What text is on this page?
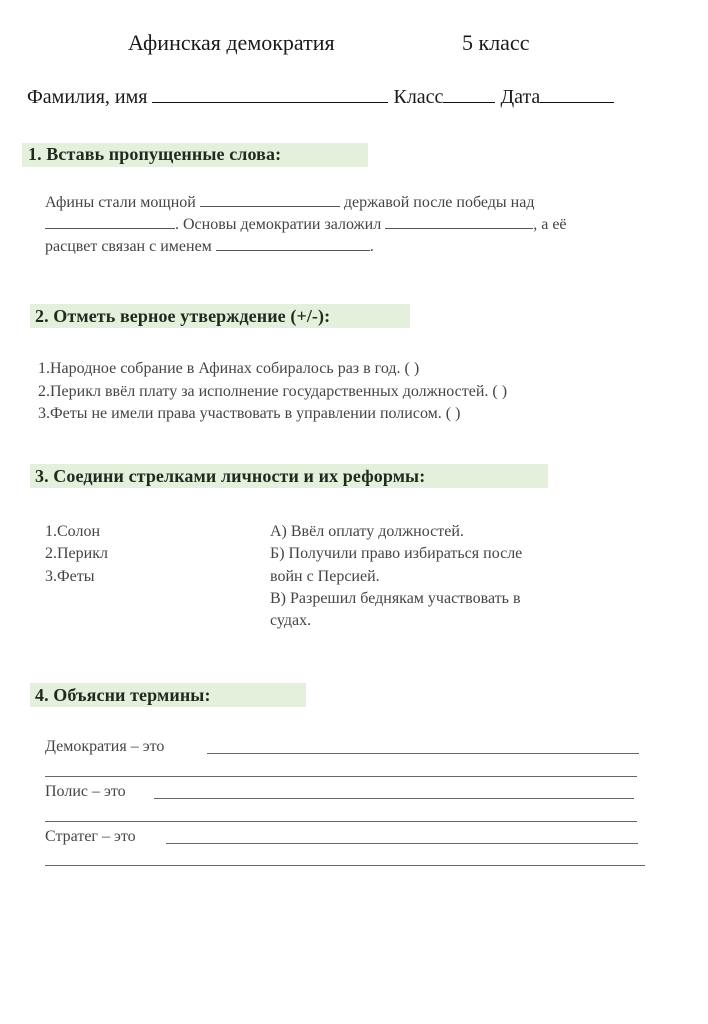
Афинская демократия	5 класс
Фамилия, имя	Класс	Дата
1. Вставь пропущенные слова:
Афины стали мощной	державой после победы над
. Основы демократии заложил	, а её
расцвет связан с именем	.
2. Отметь верное утверждение (+/-):
1.Народное собрание в Афинах собиралось раз в год. ( )
2.Перикл ввёл плату за исполнение государственных должностей. ( )
3.Феты не имели права участвовать в управлении полисом. ( )
3. Соедини стрелками личности и их реформы:
1.Солон
2.Перикл
3.Феты
А) Ввёл оплату должностей.
Б) Получили право избираться после
войн с Персией.
В) Разрешил беднякам участвовать в
судах.
4. Объясни термины:
Демократия – это
Полис – это
Стратег – это
